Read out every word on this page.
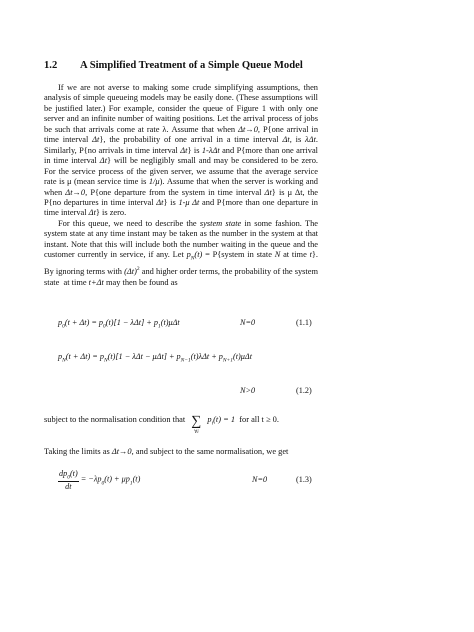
1.2 A Simplified Treatment of a Simple Queue Model

If we are not averse to making some crude simplifying assumptions, then analysis of simple queueing models may be easily done. (These assumptions will be justified later.) For example, consider the queue of Figure 1 with only one server and an infinite number of waiting positions. Let the arrival process of jobs be such that arrivals come at rate λ. Assume that when Δt→0, P{one arrival in time interval Δt}, the probability of one arrival in a time interval Δt, is λΔt. Similarly, P{no arrivals in time interval Δt} is 1-λΔt and P{more than one arrival in time interval Δt} will be negligibly small and may be considered to be zero. For the service process of the given server, we assume that the average service rate is μ (mean service time is 1/μ). Assume that when the server is working and when Δt→0, P{one departure from the system in time interval Δt} is μ Δt, the P{no departures in time interval Δt} is 1-μ Δt and P{more than one departure in time interval Δt} is zero.

For this queue, we need to describe the system state in some fashion. The system state at any time instant may be taken as the number in the system at that instant. Note that this will include both the number waiting in the queue and the customer currently in service, if any. Let $p_N(t)$ = P{system in state N at time t}. By ignoring terms with $(\Delta t)^2$ and higher order terms, the probability of the system state  at time t+Δt may then be found as

$p_0(t + \Delta t) = p_0(t)[1 - \lambda\Delta t] + p_1(t)\mu\Delta t$	N=0	(1.1)
$p_N(t + \Delta t) = p_N(t)[1 - \lambda\Delta t - \mu\Delta t] + p_{N-1}(t)\lambda\Delta t + p_{N+1}(t)\mu\Delta t$
N>0	(1.2)
subject to the normalisation condition that ∑
∀i
$p_i(t) = 1$ for all t ≥ 0.
Taking the limits as Δt→0, and subject to the same normalisation, we get
$\frac{dp_0(t)}{dt} = -\lambda p_0(t) + \mu p_1(t)$	N=0	(1.3)
